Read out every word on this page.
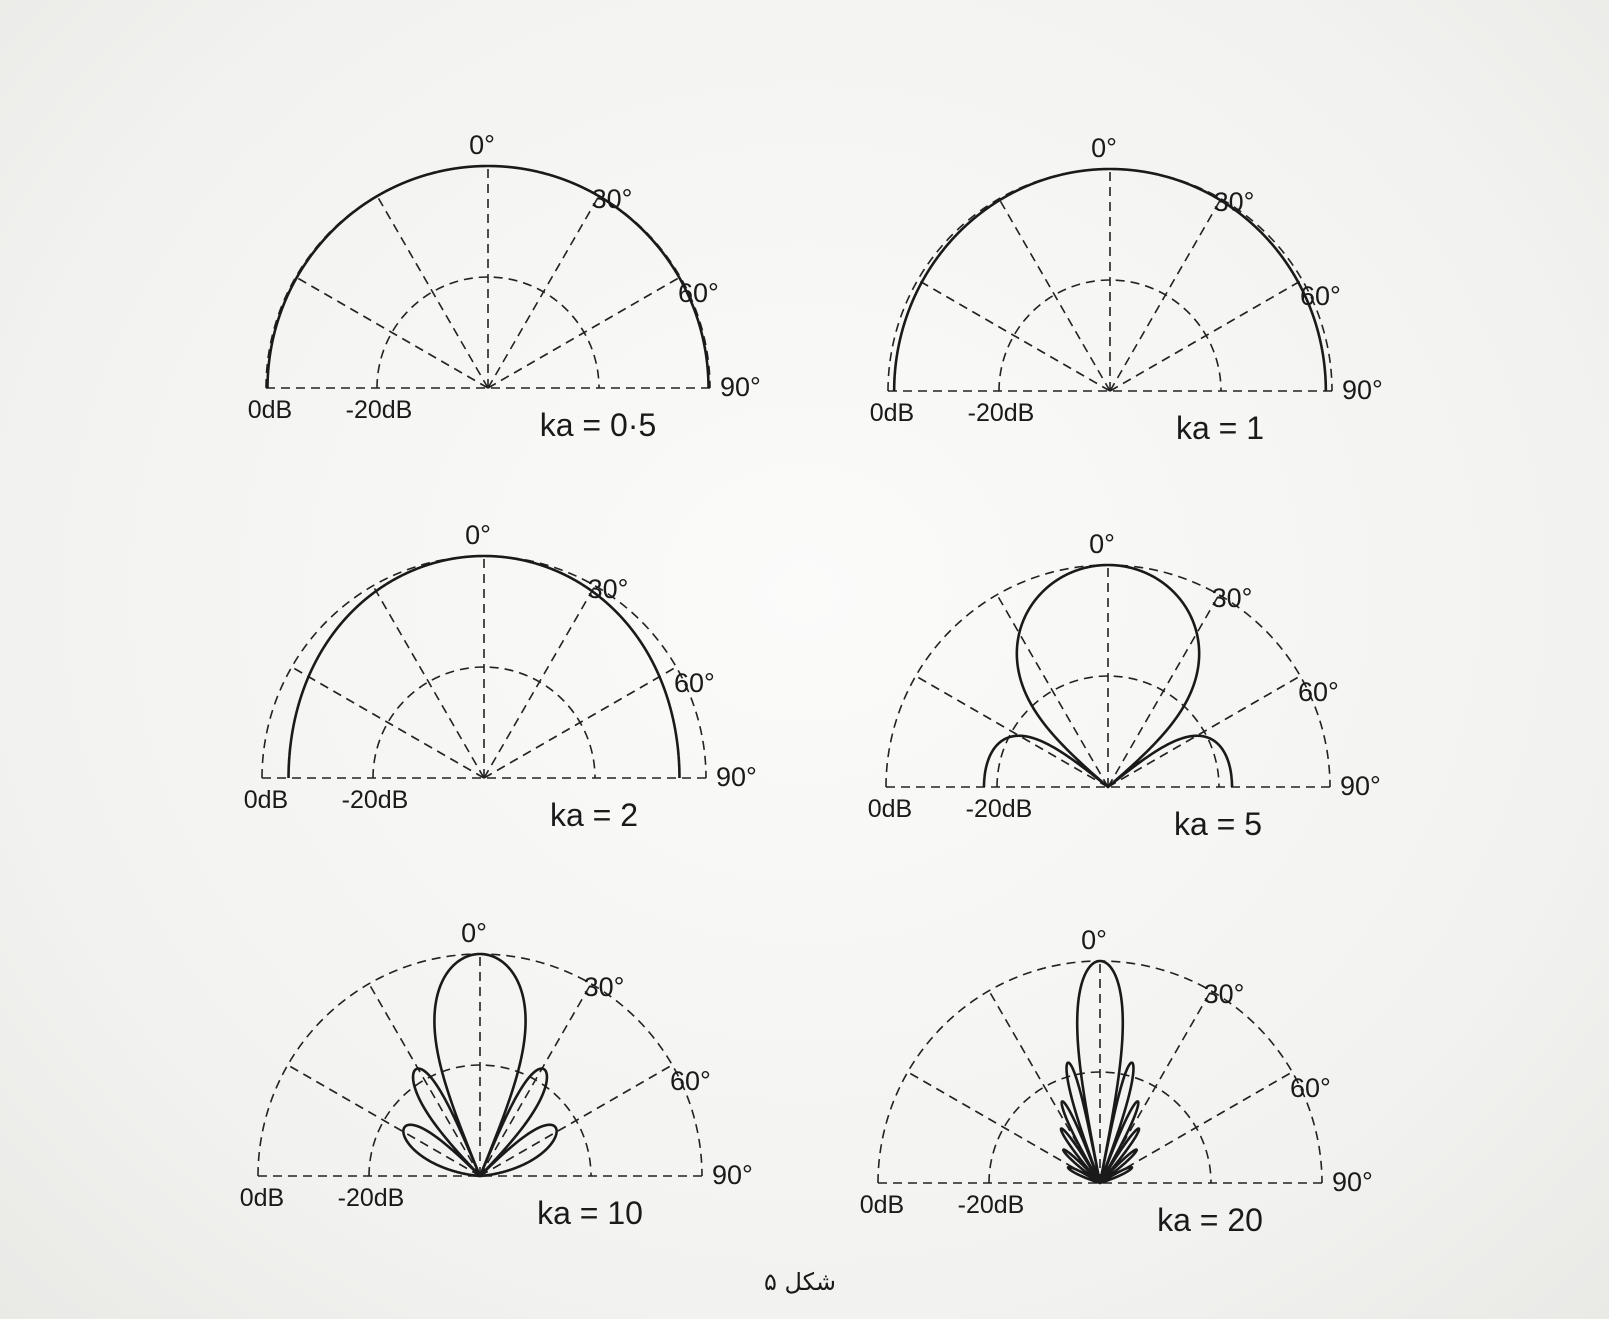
0°
30°
60°
90°
0dB -20dB	ka = 0·5
0°
30°
60°
90°
0dB -20dB	ka = 1
0°
30°
60°
90°
0dB -20dB	ka = 2
0°
30°
60°
90°
0dB -20dB	ka = 5
0°
30°
60°
90°
0dB -20dB	ka = 10
0°
30°
60°
90°
0dB -20dB	ka = 20
شکل ۵
